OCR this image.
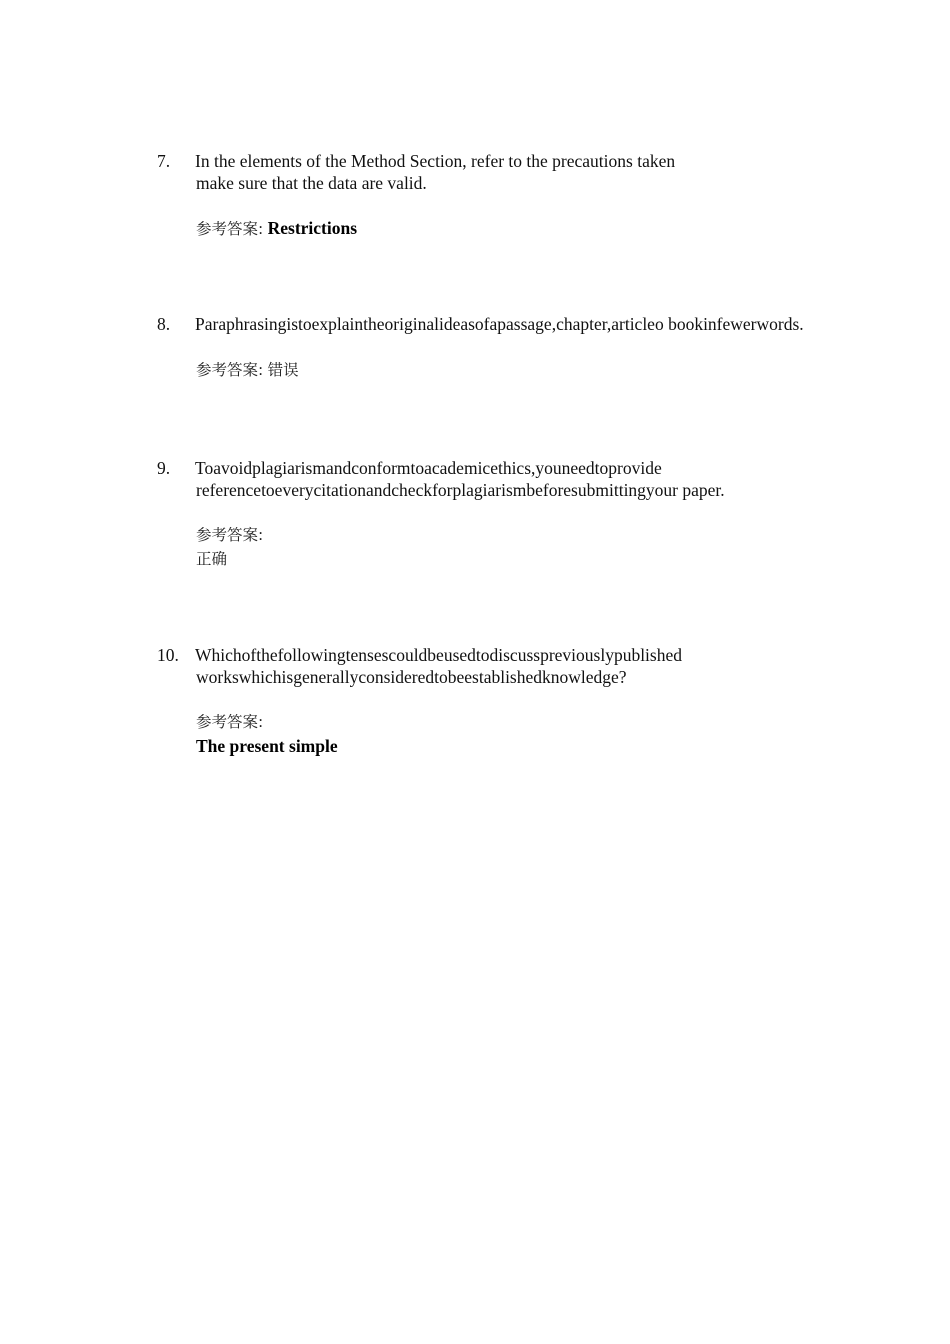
7.	In the elements of the Method Section, refer to the precautions taken
make sure that the data are valid.
参考答案: Restrictions
8.	Paraphrasingistoexplaintheoriginalideasofapassage,chapter,articleo bookinfewerwords.
参考答案: 错误
9.	Toavoidplagiarismandconformtoacademicethics,youneedtoprovide
referencetoeverycitationandcheckforplagiarismbeforesubmittingyour paper.
参考答案:
正确
10. Whichofthefollowingtensescouldbeusedtodiscusspreviouslypublished
workswhichisgenerallyconsideredtobeestablishedknowledge?
参考答案:
The present simple
